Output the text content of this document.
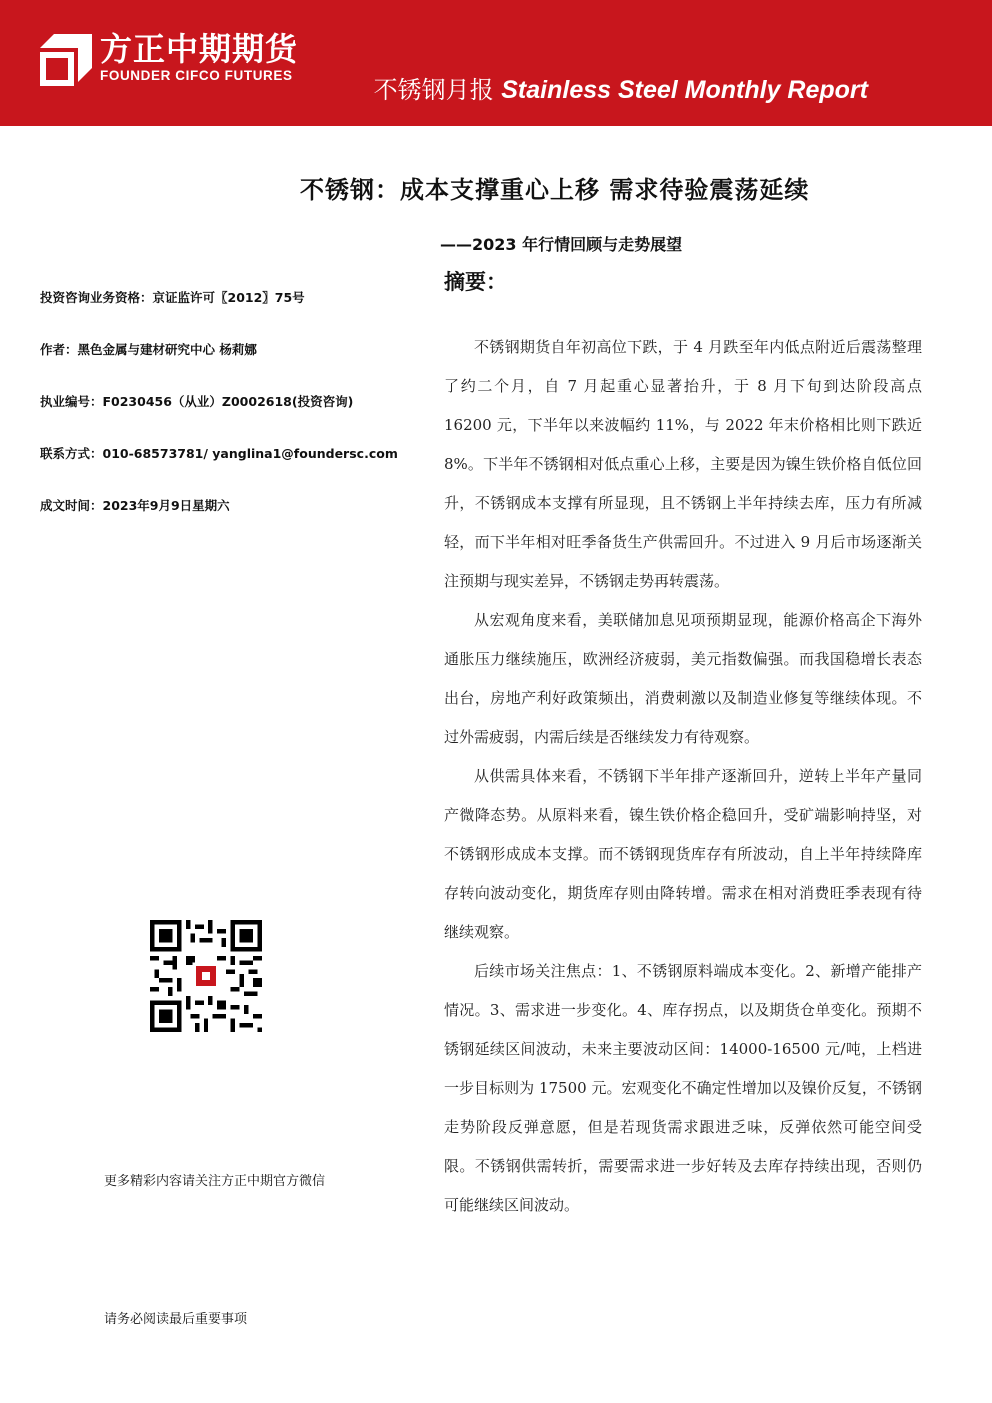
方正中期期货
FOUNDER CIFCO FUTURES
不锈钢月报 Stainless Steel Monthly Report
不锈钢：成本支撑重心上移 需求待验震荡延续
——2023 年行情回顾与走势展望
摘要：
投资咨询业务资格：京证监许可〖2012〗75号
作者：黑色金属与建材研究中心 杨莉娜
执业编号：F0230456（从业）Z0002618(投资咨询)
联系方式：010-68573781/ yanglina1@foundersc.com
成文时间：2023年9月9日星期六
更多精彩内容请关注方正中期官方微信
请务必阅读最后重要事项

不锈钢期货自年初高位下跌，于 4 月跌至年内低点附近后震荡整理了约二个月，自 7 月起重心显著抬升，于 8 月下旬到达阶段高点 16200 元，下半年以来波幅约 11%，与 2022 年末价格相比则下跌近 8%。下半年不锈钢相对低点重心上移，主要是因为镍生铁价格自低位回升，不锈钢成本支撑有所显现，且不锈钢上半年持续去库，压力有所减轻，而下半年相对旺季备货生产供需回升。不过进入 9 月后市场逐渐关注预期与现实差异，不锈钢走势再转震荡。

从宏观角度来看，美联储加息见项预期显现，能源价格高企下海外通胀压力继续施压，欧洲经济疲弱，美元指数偏强。而我国稳增长表态出台，房地产利好政策频出，消费刺激以及制造业修复等继续体现。不过外需疲弱，内需后续是否继续发力有待观察。

从供需具体来看，不锈钢下半年排产逐渐回升，逆转上半年产量同产微降态势。从原料来看，镍生铁价格企稳回升，受矿端影响持坚，对不锈钢形成成本支撑。而不锈钢现货库存有所波动，自上半年持续降库存转向波动变化，期货库存则由降转增。需求在相对消费旺季表现有待继续观察。

后续市场关注焦点：1、不锈钢原料端成本变化。2、新增产能排产情况。3、需求进一步变化。4、库存拐点，以及期货仓单变化。预期不锈钢延续区间波动，未来主要波动区间：14000-16500 元/吨，上档进一步目标则为 17500 元。宏观变化不确定性增加以及镍价反复，不锈钢走势阶段反弹意愿，但是若现货需求跟进乏味，反弹依然可能空间受限。不锈钢供需转折，需要需求进一步好转及去库存持续出现，否则仍可能继续区间波动。
